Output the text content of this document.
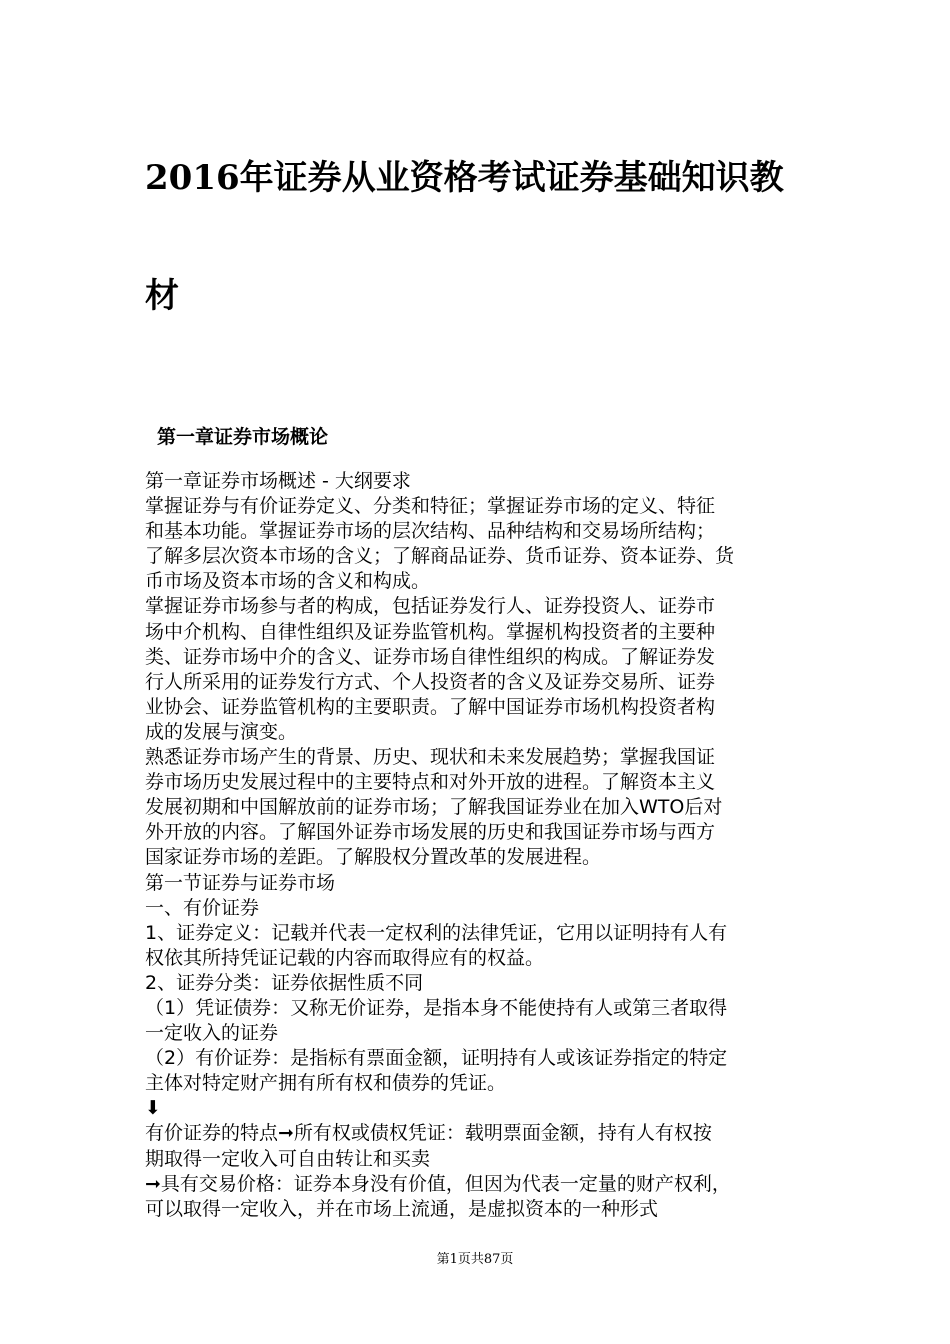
2016年证券从业资格考试证券基础知识教
材
第一章证券市场概论

第一章证券市场概述 - 大纲要求

掌握证券与有价证券定义、分类和特征；掌握证券市场的定义、特征

和基本功能。掌握证券市场的层次结构、品种结构和交易场所结构；

了解多层次资本市场的含义；了解商品证券、货币证券、资本证券、货

币市场及资本市场的含义和构成。

掌握证券市场参与者的构成，包括证券发行人、证券投资人、证券市

场中介机构、自律性组织及证券监管机构。掌握机构投资者的主要种

类、证券市场中介的含义、证券市场自律性组织的构成。了解证券发

行人所采用的证券发行方式、个人投资者的含义及证券交易所、证券

业协会、证券监管机构的主要职责。了解中国证券市场机构投资者构

成的发展与演变。

熟悉证券市场产生的背景、历史、现状和未来发展趋势；掌握我国证

券市场历史发展过程中的主要特点和对外开放的进程。了解资本主义

发展初期和中国解放前的证券市场；了解我国证券业在加入WTO后对

外开放的内容。了解国外证券市场发展的历史和我国证券市场与西方

国家证券市场的差距。了解股权分置改革的发展进程。

第一节证券与证券市场

一、有价证券

1、证券定义：记载并代表一定权利的法律凭证，它用以证明持有人有

权依其所持凭证记载的内容而取得应有的权益。

2、证券分类：证券依据性质不同

（1）凭证债券：又称无价证券，是指本身不能使持有人或第三者取得

一定收入的证券

（2）有价证券：是指标有票面金额，证明持有人或该证券指定的特定

主体对特定财产拥有所有权和债券的凭证。

⬇

有价证券的特点➞所有权或债权凭证：载明票面金额，持有人有权按

期取得一定收入可自由转让和买卖

➞具有交易价格：证券本身没有价值，但因为代表一定量的财产权利，

可以取得一定收入，并在市场上流通，是虚拟资本的一种形式

第1页共87页
